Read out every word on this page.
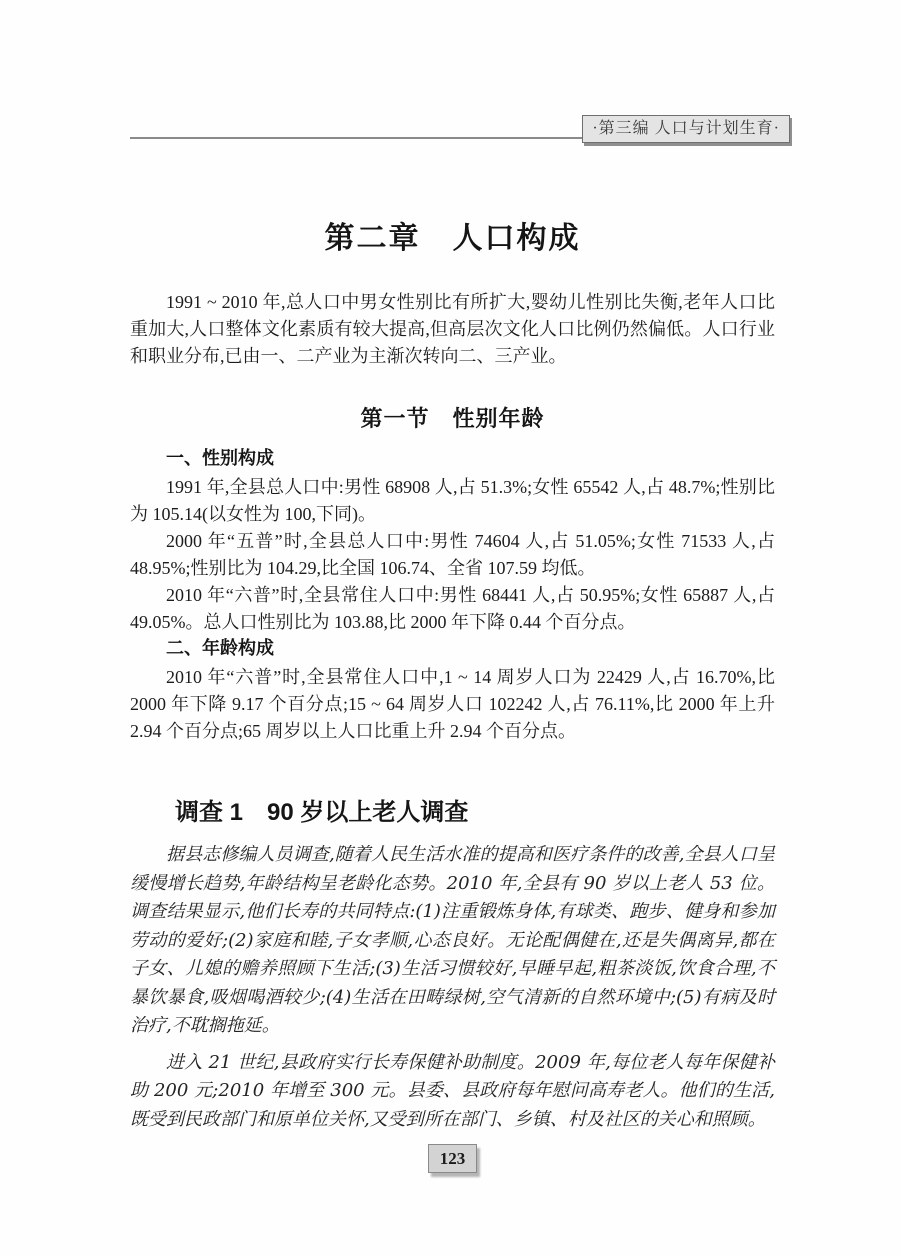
·第三编 人口与计划生育·
第二章　人口构成

1991 ~ 2010 年,总人口中男女性别比有所扩大,婴幼儿性别比失衡,老年人口比重加大,人口整体文化素质有较大提高,但高层次文化人口比例仍然偏低。人口行业和职业分布,已由一、二产业为主渐次转向二、三产业。

第一节　性别年龄
一、性别构成

1991 年,全县总人口中:男性 68908 人,占 51.3%;女性 65542 人,占 48.7%;性别比为 105.14(以女性为 100,下同)。

2000 年“五普”时,全县总人口中:男性 74604 人,占 51.05%;女性 71533 人,占 48.95%;性别比为 104.29,比全国 106.74、全省 107.59 均低。

2010 年“六普”时,全县常住人口中:男性 68441 人,占 50.95%;女性 65887 人,占 49.05%。总人口性别比为 103.88,比 2000 年下降 0.44 个百分点。

二、年龄构成

2010 年“六普”时,全县常住人口中,1 ~ 14 周岁人口为 22429 人,占 16.70%,比 2000 年下降 9.17 个百分点;15 ~ 64 周岁人口 102242 人,占 76.11%,比 2000 年上升 2.94 个百分点;65 周岁以上人口比重上升 2.94 个百分点。

调查 1　90 岁以上老人调查

据县志修编人员调查,随着人民生活水准的提高和医疗条件的改善,全县人口呈缓慢增长趋势,年龄结构呈老龄化态势。2010 年,全县有 90 岁以上老人 53 位。调查结果显示,他们长寿的共同特点:(1)注重锻炼身体,有球类、跑步、健身和参加劳动的爱好;(2)家庭和睦,子女孝顺,心态良好。无论配偶健在,还是失偶离异,都在子女、儿媳的赡养照顾下生活;(3)生活习惯较好,早睡早起,粗茶淡饭,饮食合理,不暴饮暴食,吸烟喝酒较少;(4)生活在田畴绿树,空气清新的自然环境中;(5)有病及时治疗,不耽搁拖延。

进入 21 世纪,县政府实行长寿保健补助制度。2009 年,每位老人每年保健补助 200 元;2010 年增至 300 元。县委、县政府每年慰问高寿老人。他们的生活,既受到民政部门和原单位关怀,又受到所在部门、乡镇、村及社区的关心和照顾。

123
